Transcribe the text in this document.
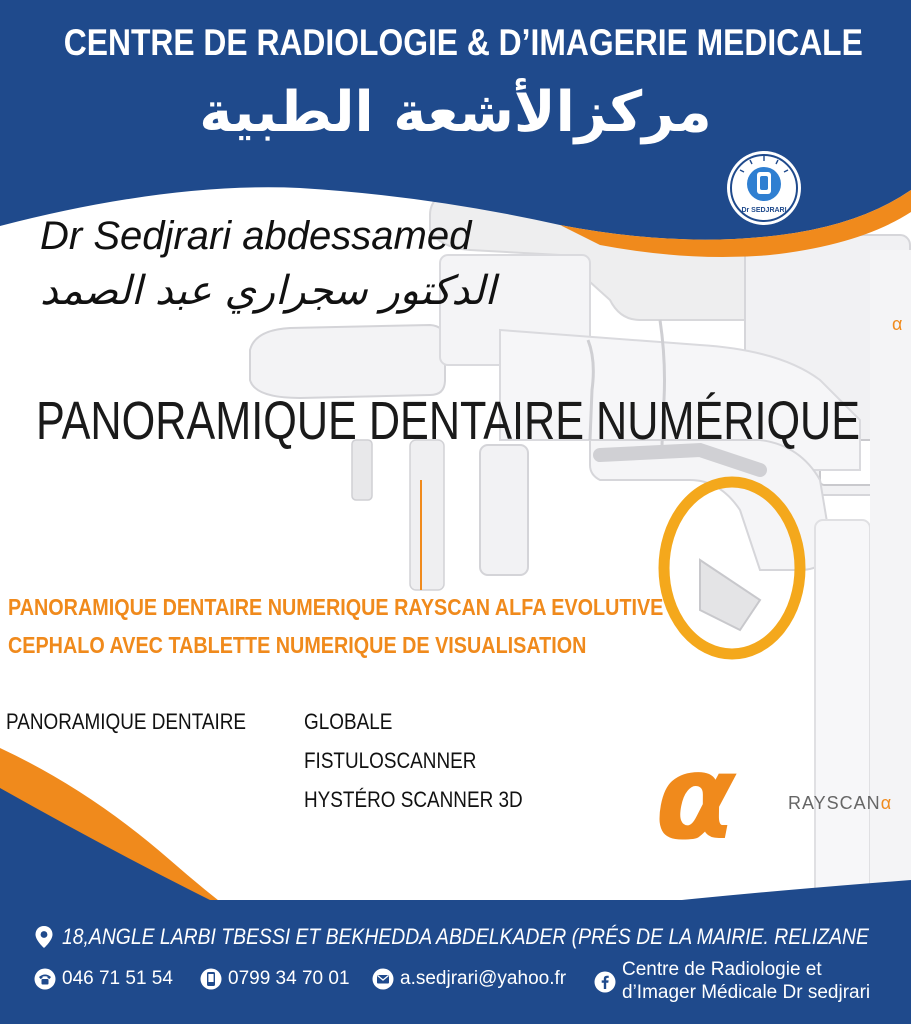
α
α
CENTRE DE RADIOLOGIE & D’IMAGERIE MEDICALE
مركزالأشعة الطبية
Dr SEDJRARI
Dr Sedjrari abdessamed
الدكتور سجراري عبد الصمد
PANORAMIQUE DENTAIRE NUMÉRIQUE
PANORAMIQUE DENTAIRE NUMERIQUE RAYSCAN ALFA EVOLUTIVE
CEPHALO AVEC TABLETTE NUMERIQUE DE VISUALISATION
PANORAMIQUE DENTAIRE	GLOBALE
FISTULOSCANNER
HYSTÉRO SCANNER 3D	RAYSCANα
18,ANGLE LARBI TBESSI ET BEKHEDDA ABDELKADER (PRÉS DE LA MAIRIE. RELIZANE
046 71 51 54	0799 34 70 01	a.sedjrari@yahoo.fr	Centre de Radiologie et
d’Imager Médicale Dr sedjrari
